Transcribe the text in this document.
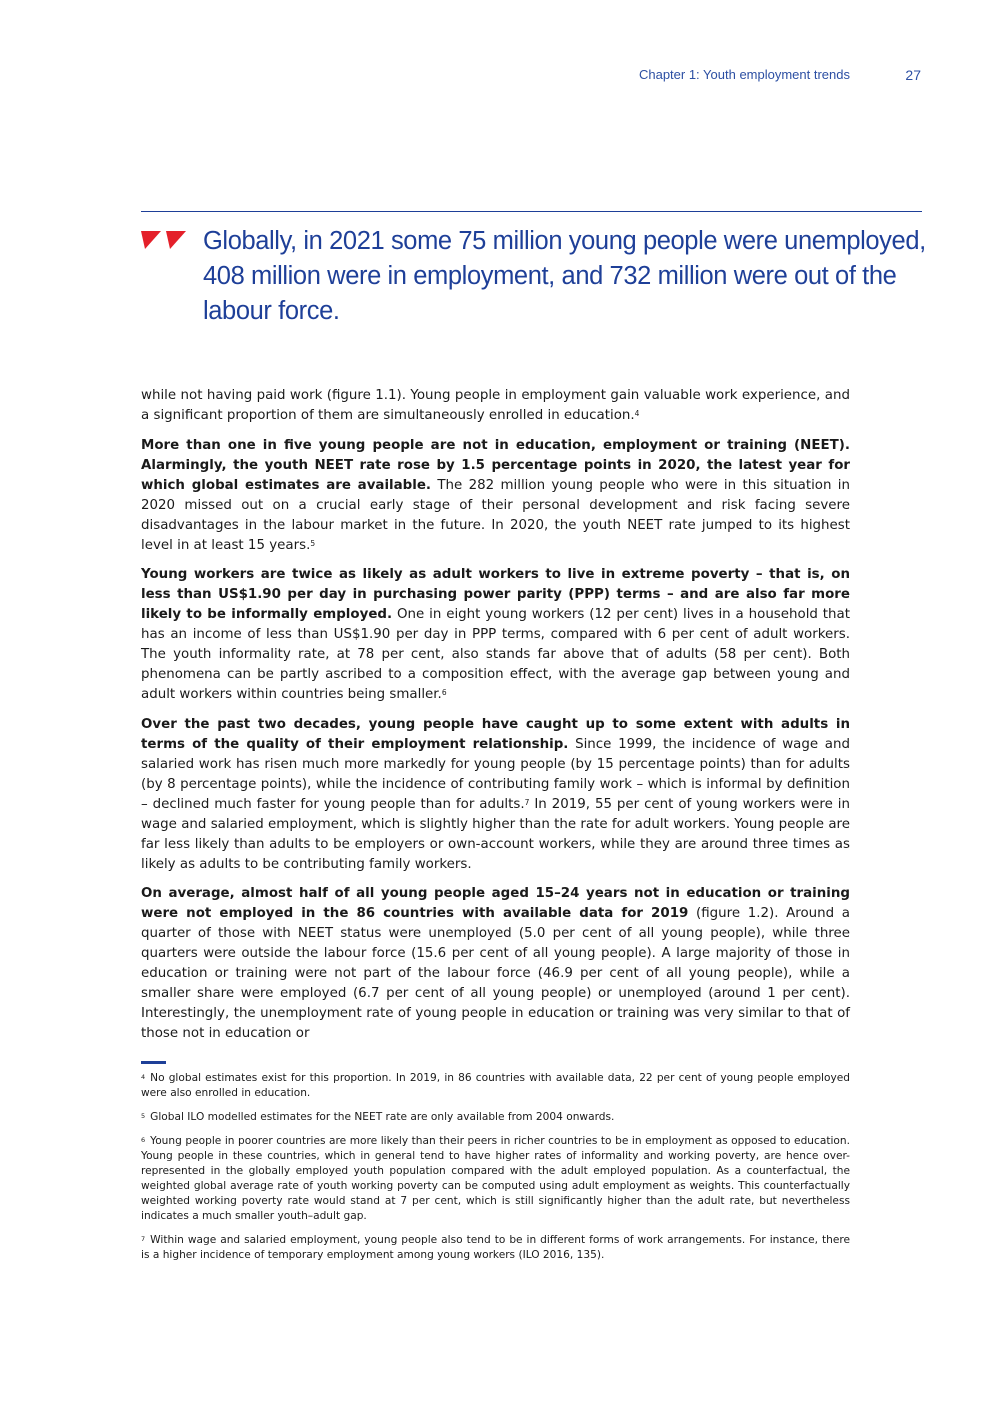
Chapter 1: Youth employment trends	27
Globally, in 2021 some 75 million young people were unemployed, 408 million were in employment, and 732 million were out of the labour force.

while not having paid work (figure 1.1). Young people in employment gain valuable work experience, and a significant proportion of them are simultaneously enrolled in education.$^4$

More than one in five young people are not in education, employment or training (NEET). Alarmingly, the youth NEET rate rose by 1.5 percentage points in 2020, the latest year for which global estimates are available. The 282 million young people who were in this situation in 2020 missed out on a crucial early stage of their personal development and risk facing severe disadvantages in the labour market in the future. In 2020, the youth NEET rate jumped to its highest level in at least 15 years.$^5$

Young workers are twice as likely as adult workers to live in extreme poverty – that is, on less than US$1.90 per day in purchasing power parity (PPP) terms – and are also far more likely to be informally employed. One in eight young workers (12 per cent) lives in a household that has an income of less than US$1.90 per day in PPP terms, compared with 6 per cent of adult workers. The youth informality rate, at 78 per cent, also stands far above that of adults (58 per cent). Both phenomena can be partly ascribed to a composition effect, with the average gap between young and adult workers within countries being smaller.$^6$

Over the past two decades, young people have caught up to some extent with adults in terms of the quality of their employment relationship. Since 1999, the incidence of wage and salaried work has risen much more markedly for young people (by 15 percentage points) than for adults (by 8 percentage points), while the incidence of contributing family work – which is informal by definition – declined much faster for young people than for adults.$^7$ In 2019, 55 per cent of young workers were in wage and salaried employment, which is slightly higher than the rate for adult workers. Young people are far less likely than adults to be employers or own-account workers, while they are around three times as likely as adults to be contributing family workers.

On average, almost half of all young people aged 15–24 years not in education or training were not employed in the 86 countries with available data for 2019 (figure 1.2). Around a quarter of those with NEET status were unemployed (5.0 per cent of all young people), while three quarters were outside the labour force (15.6 per cent of all young people). A large majority of those in education or training were not part of the labour force (46.9 per cent of all young people), while a smaller share were employed (6.7 per cent of all young people) or unemployed (around 1 per cent). Interestingly, the unemployment rate of young people in education or training was very similar to that of those not in education or

$^4$ No global estimates exist for this proportion. In 2019, in 86 countries with available data, 22 per cent of young people employed were also enrolled in education.

$^5$ Global ILO modelled estimates for the NEET rate are only available from 2004 onwards.

$^6$ Young people in poorer countries are more likely than their peers in richer countries to be in employment as opposed to education. Young people in these countries, which in general tend to have higher rates of informality and working poverty, are hence over-represented in the globally employed youth population compared with the adult employed population. As a counterfactual, the weighted global average rate of youth working poverty can be computed using adult employment as weights. This counterfactually weighted working poverty rate would stand at 7 per cent, which is still significantly higher than the adult rate, but nevertheless indicates a much smaller youth–adult gap.

$^7$ Within wage and salaried employment, young people also tend to be in different forms of work arrangements. For instance, there is a higher incidence of temporary employment among young workers (ILO 2016, 135).
